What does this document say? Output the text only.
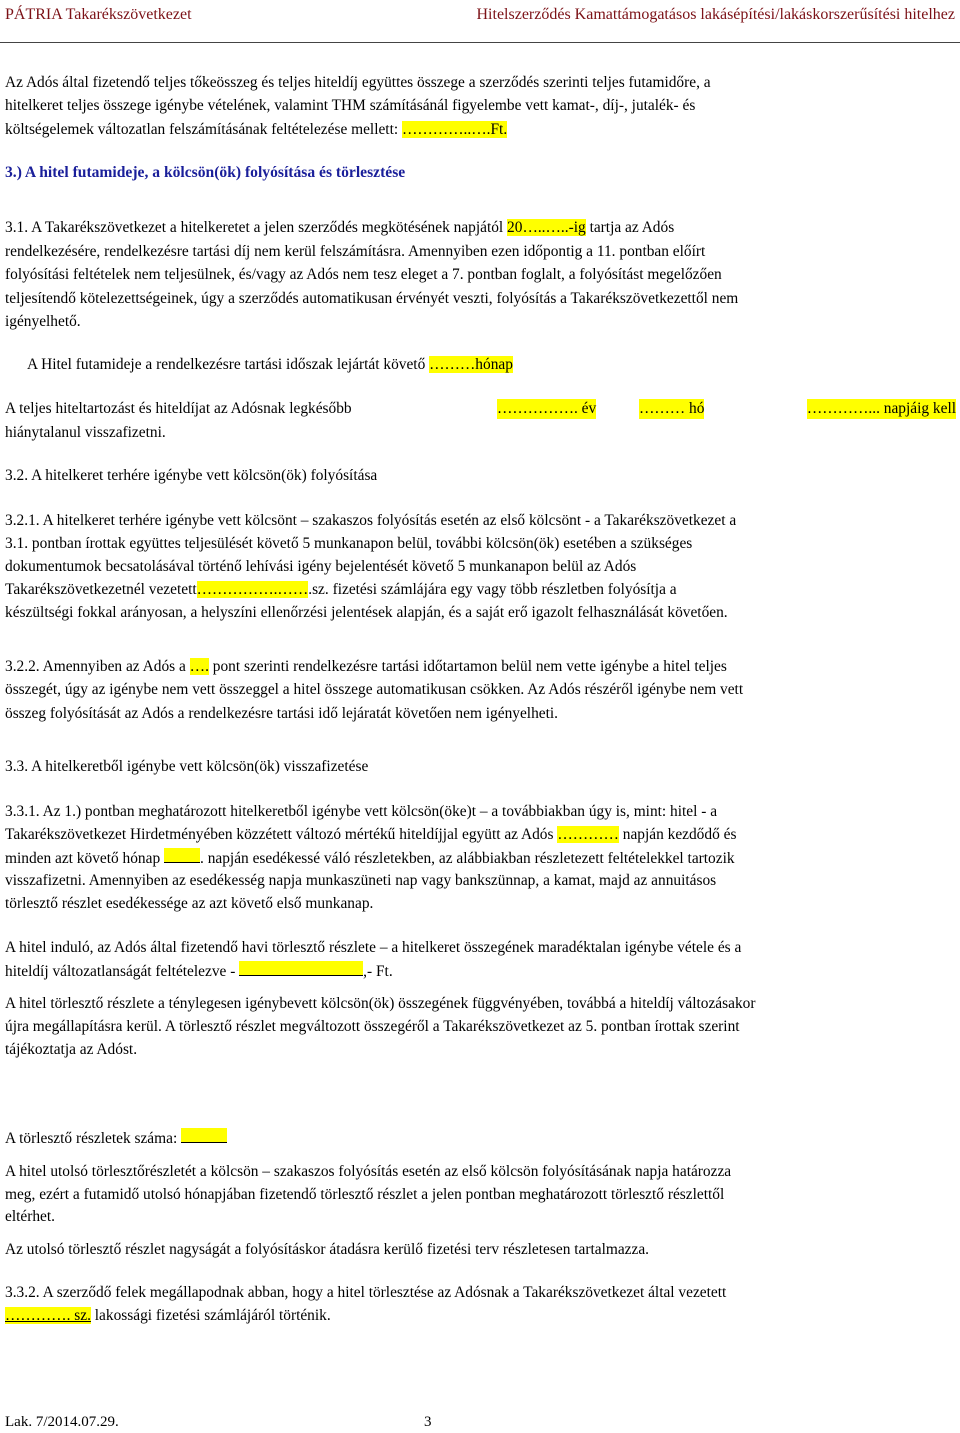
PÁTRIA Takarékszövetkezet	Hitelszerződés Kamattámogatásos lakásépítési/lakáskorszerűsítési hitelhez
Az Adós által fizetendő teljes tőkeösszeg és teljes hiteldíj együttes összege a szerződés szerinti teljes futamidőre, a
hitelkeret teljes összege igénybe vételének, valamint THM számításánál figyelembe vett kamat-, díj-, jutalék- és
költségelemek változatlan felszámításának feltételezése mellett: …………..….Ft.
3.) A hitel futamideje, a kölcsön(ök) folyósítása és törlesztése
3.1. A Takarékszövetkezet a hitelkeretet a jelen szerződés megkötésének napjától 20…..…..-ig tartja az Adós
rendelkezésére, rendelkezésre tartási díj nem kerül felszámításra. Amennyiben ezen időpontig a 11. pontban előírt
folyósítási feltételek nem teljesülnek, és/vagy az Adós nem tesz eleget a 7. pontban foglalt, a folyósítást megelőzően
teljesítendő kötelezettségeinek, úgy a szerződés automatikusan érvényét veszti, folyósítás a Takarékszövetkezettől nem
igényelhető.
A Hitel futamideje a rendelkezésre tartási időszak lejártát követő ………hónap
A teljes hiteltartozást és hiteldíjat az Adósnak legkésőbb	……………. év	……… hó	…………... napjáig kell
hiánytalanul visszafizetni.
3.2. A hitelkeret terhére igénybe vett kölcsön(ök) folyósítása
3.2.1. A hitelkeret terhére igénybe vett kölcsönt – szakaszos folyósítás esetén az első kölcsönt - a Takarékszövetkezet a
3.1. pontban írottak együttes teljesülését követő 5 munkanapon belül, további kölcsön(ök) esetében a szükséges
dokumentumok becsatolásával történő lehívási igény bejelentését követő 5 munkanapon belül az Adós
Takarékszövetkezetnél vezetett…………….…….sz. fizetési számlájára egy vagy több részletben folyósítja a
készültségi fokkal arányosan, a helyszíni ellenőrzési jelentések alapján, és a saját erő igazolt felhasználását követően.
3.2.2. Amennyiben az Adós a …. pont szerinti rendelkezésre tartási időtartamon belül nem vette igénybe a hitel teljes
összegét, úgy az igénybe nem vett összeggel a hitel összege automatikusan csökken. Az Adós részéről igénybe nem vett
összeg folyósítását az Adós a rendelkezésre tartási idő lejáratát követően nem igényelheti.
3.3. A hitelkeretből igénybe vett kölcsön(ök) visszafizetése
3.3.1. Az 1.) pontban meghatározott hitelkeretből igénybe vett kölcsön(öke)t – a továbbiakban úgy is, mint: hitel - a
Takarékszövetkezet Hirdetményében közzétett változó mértékű hiteldíjjal együtt az Adós ………… napján kezdődő és
minden azt követő hónap . napján esedékessé váló részletekben, az alábbiakban részletezett feltételekkel tartozik
visszafizetni. Amennyiben az esedékesség napja munkaszüneti nap vagy bankszünnap, a kamat, majd az annuitásos
törlesztő részlet esedékessége az azt követő első munkanap.
A hitel induló, az Adós által fizetendő havi törlesztő részlete – a hitelkeret összegének maradéktalan igénybe vétele és a
hiteldíj változatlanságát feltételezve -	,- Ft.
A hitel törlesztő részlete a ténylegesen igénybevett kölcsön(ök) összegének függvényében, továbbá a hiteldíj változásakor
újra megállapításra kerül. A törlesztő részlet megváltozott összegéről a Takarékszövetkezet az 5. pontban írottak szerint
tájékoztatja az Adóst.
A törlesztő részletek száma:
A hitel utolsó törlesztőrészletét a kölcsön – szakaszos folyósítás esetén az első kölcsön folyósításának napja határozza
meg, ezért a futamidő utolsó hónapjában fizetendő törlesztő részlet a jelen pontban meghatározott törlesztő részlettől
eltérhet.
Az utolsó törlesztő részlet nagyságát a folyósításkor átadásra kerülő fizetési terv részletesen tartalmazza.
3.3.2. A szerződő felek megállapodnak abban, hogy a hitel törlesztése az Adósnak a Takarékszövetkezet által vezetett
…………. sz. lakossági fizetési számlájáról történik.
Lak. 7/2014.07.29.	3
